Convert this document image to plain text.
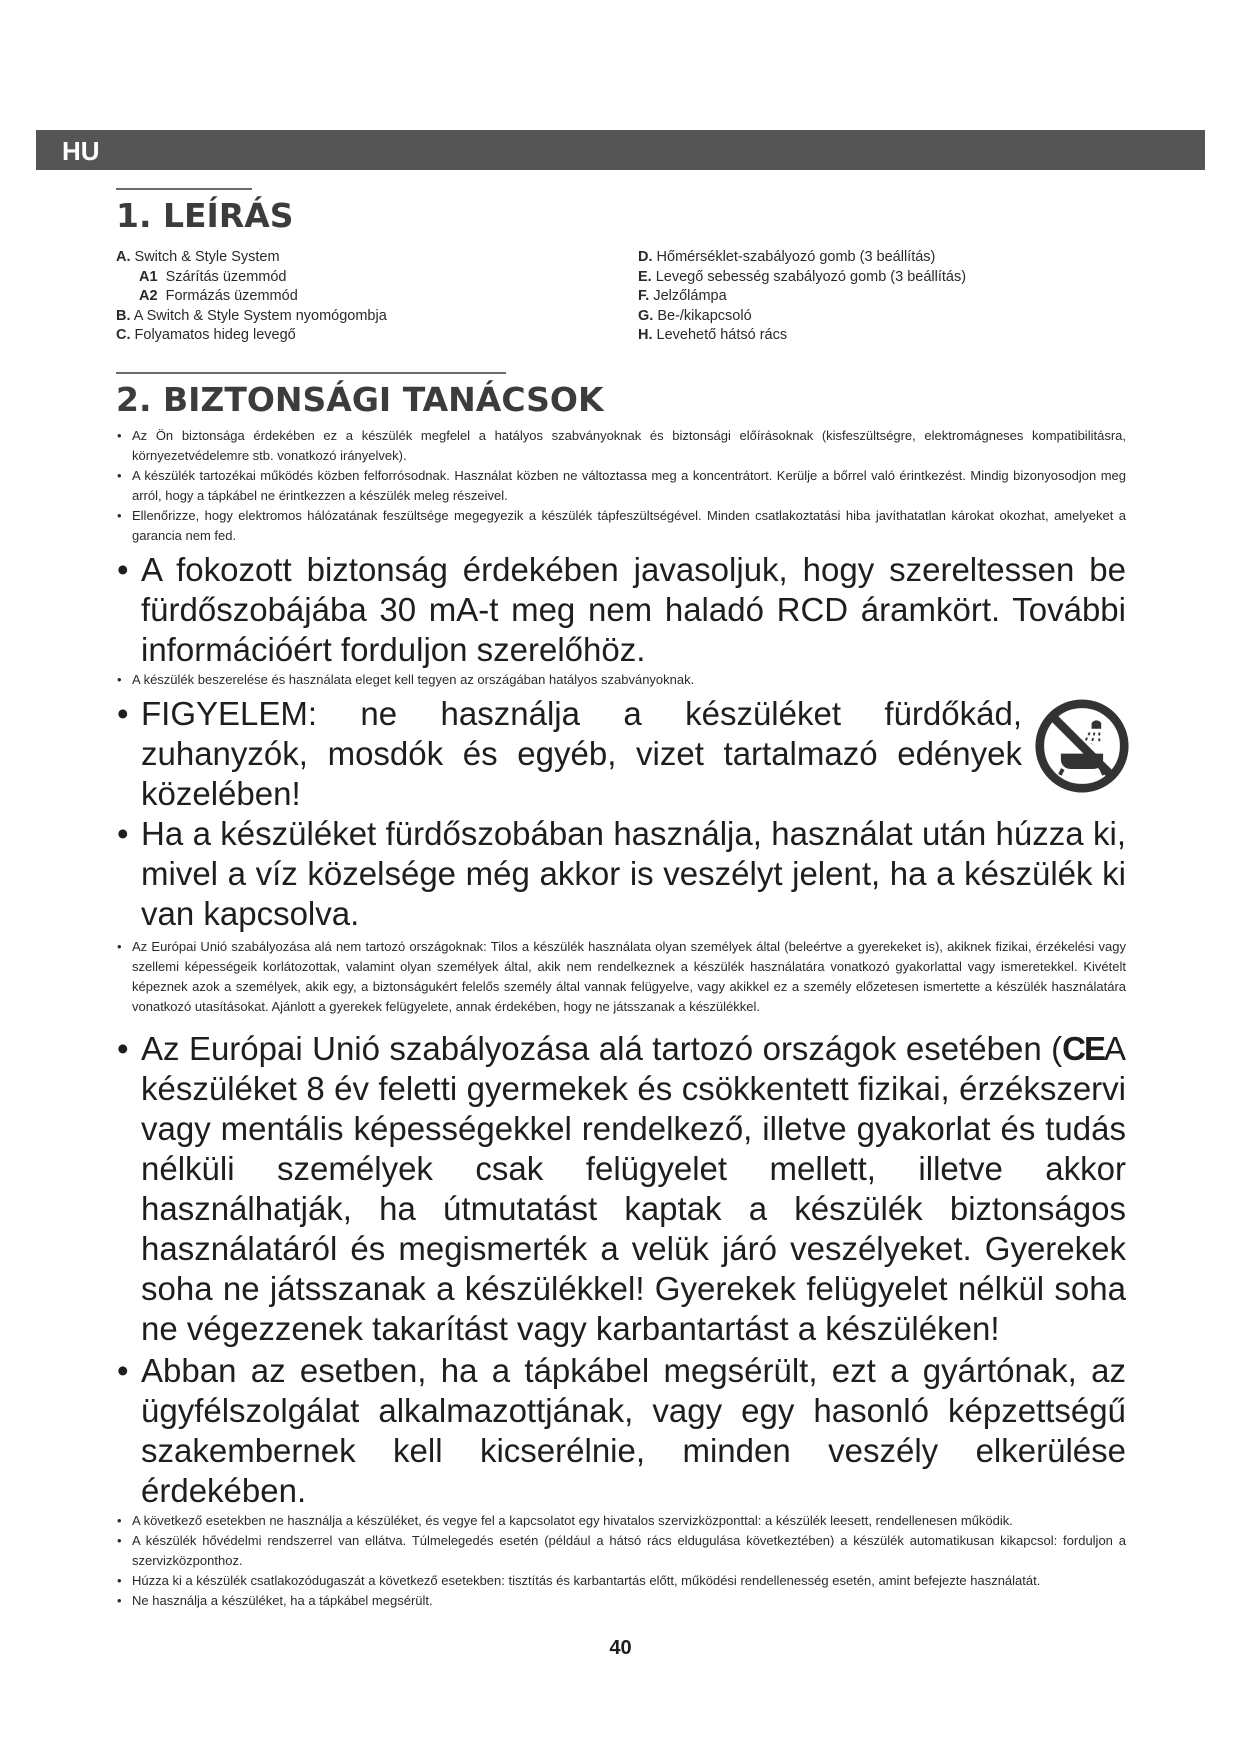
HU
1. LEÍRÁS
A. Switch & Style System
A1 Szárítás üzemmód
A2 Formázás üzemmód
B. A Switch & Style System nyomógombja
C. Folyamatos hideg levegő
D. Hőmérséklet-szabályozó gomb (3 beállítás)
E. Levegő sebesség szabályozó gomb (3 beállítás)
F. Jelzőlámpa
G. Be-/kikapcsoló
H. Levehető hátsó rács
2. BIZTONSÁGI TANÁCSOK
• Az Ön biztonsága érdekében ez a készülék megfelel a hatályos szabványoknak és biztonsági előírásoknak (kisfeszültségre, elektromágneses kompatibilitásra, környezetvédelemre stb. vonatkozó irányelvek).
• A készülék tartozékai működés közben felforrósodnak. Használat közben ne változtassa meg a koncentrátort. Kerülje a bőrrel való érintkezést. Mindig bizonyosodjon meg arról, hogy a tápkábel ne érintkezzen a készülék meleg részeivel.
• Ellenőrizze, hogy elektromos hálózatának feszültsége megegyezik a készülék tápfeszültségével. Minden csatlakoztatási hiba javíthatatlan károkat okozhat, amelyeket a garancia nem fed.
• A fokozott biztonság érdekében javasoljuk, hogy szereltessen be fürdőszobájába 30 mA-t meg nem haladó RCD áramkört. További információért forduljon szerelőhöz.
• A készülék beszerelése és használata eleget kell tegyen az országában hatályos szabványoknak.
• FIGYELEM: ne használja a készüléket fürdőkád, zuhanyzók, mosdók és egyéb, vizet tartalmazó edények közelében!
• Ha a készüléket fürdőszobában használja, használat után húzza ki, mivel a víz közelsége még akkor is veszélyt jelent, ha a készülék ki van kapcsolva.
• Az Európai Unió szabályozása alá nem tartozó országoknak: Tilos a készülék használata olyan személyek által (beleértve a gyerekeket is), akiknek fizikai, érzékelési vagy szellemi képességeik korlátozottak, valamint olyan személyek által, akik nem rendelkeznek a készülék használatára vonatkozó gyakorlattal vagy ismeretekkel. Kivételt képeznek azok a személyek, akik egy, a biztonságukért felelős személy által vannak felügyelve, vagy akikkel ez a személy előzetesen ismertette a készülék használatára vonatkozó utasításokat. Ajánlott a gyerekek felügyelete, annak érdekében, hogy ne játsszanak a készülékkel.
• Az Európai Unió szabályozása alá tartozó országok esetében (CEA készüléket 8 év feletti gyermekek és csökkentett fizikai, érzékszervi vagy mentális képességekkel rendelkező, illetve gyakorlat és tudás nélküli személyek csak felügyelet mellett, illetve akkor használhatják, ha útmutatást kaptak a készülék biztonságos használatáról és megismerték a velük járó veszélyeket. Gyerekek soha ne játsszanak a készülékkel! Gyerekek felügyelet nélkül soha ne végezzenek takarítást vagy karbantartást a készüléken!
• Abban az esetben, ha a tápkábel megsérült, ezt a gyártónak, az ügyfélszolgálat alkalmazottjának, vagy egy hasonló képzettségű szakembernek kell kicserélnie, minden veszély elkerülése érdekében.
• A következő esetekben ne használja a készüléket, és vegye fel a kapcsolatot egy hivatalos szervizközponttal: a készülék leesett, rendellenesen működik.
• A készülék hővédelmi rendszerrel van ellátva. Túlmelegedés esetén (például a hátsó rács eldugulása következtében) a készülék automatikusan kikapcsol: forduljon a szervizközponthoz.
• Húzza ki a készülék csatlakozódugaszát a következő esetekben: tisztítás és karbantartás előtt, működési rendellenesség esetén, amint befejezte használatát.
• Ne használja a készüléket, ha a tápkábel megsérült.
40
